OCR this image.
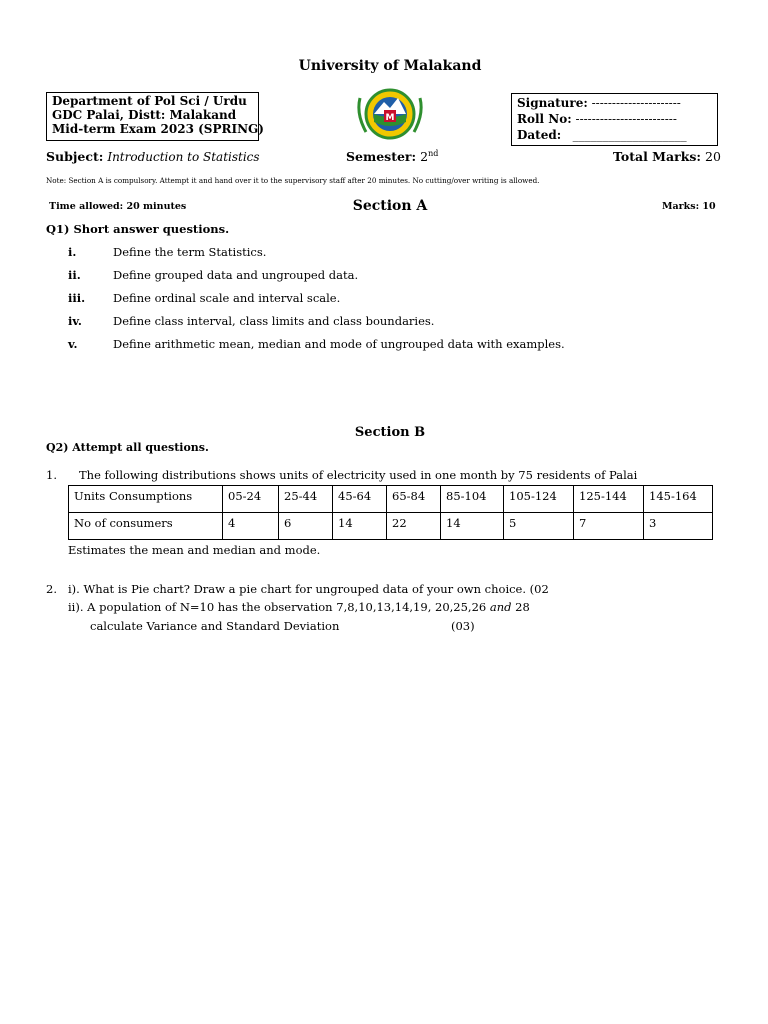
University of Malakand
Department of Pol Sci / Urdu
GDC Palai, Distt: Malakand
Mid-term Exam 2023 (SPRING)
M
Signature: ----------------------
Roll No: -------------------------
Dated: ___________________
Subject: Introduction to Statistics	Semester: 2nd	Total Marks: 20
Note: Section A is compulsory. Attempt it and hand over it to the supervisory staff after 20 minutes. No cutting/over writing is allowed.
Time allowed: 20 minutes	Section A	Marks: 10
Q1) Short answer questions.
i.	Define the term Statistics.
ii.	Define grouped data and ungrouped data.
iii. Define ordinal scale and interval scale.
iv.	Define class interval, class limits and class boundaries.
v.	Define arithmetic mean, median and mode of ungrouped data with examples.
Section B
Q2) Attempt all questions.
1. The following distributions shows units of electricity used in one month by 75 residents of Palai
Units Consumptions	05-24	25-44	45-64	65-84	85-104	105-124	125-144	145-164
No of consumers	4	6	14	22	14	5	7	3
Estimates the mean and median and mode.
2. i). What is Pie chart? Draw a pie chart for ungrouped data of your own choice. (02
ii). A population of N=10 has the observation 7,8,10,13,14,19, 20,25,26 and 28
calculate Variance and Standard Deviation	(03)
